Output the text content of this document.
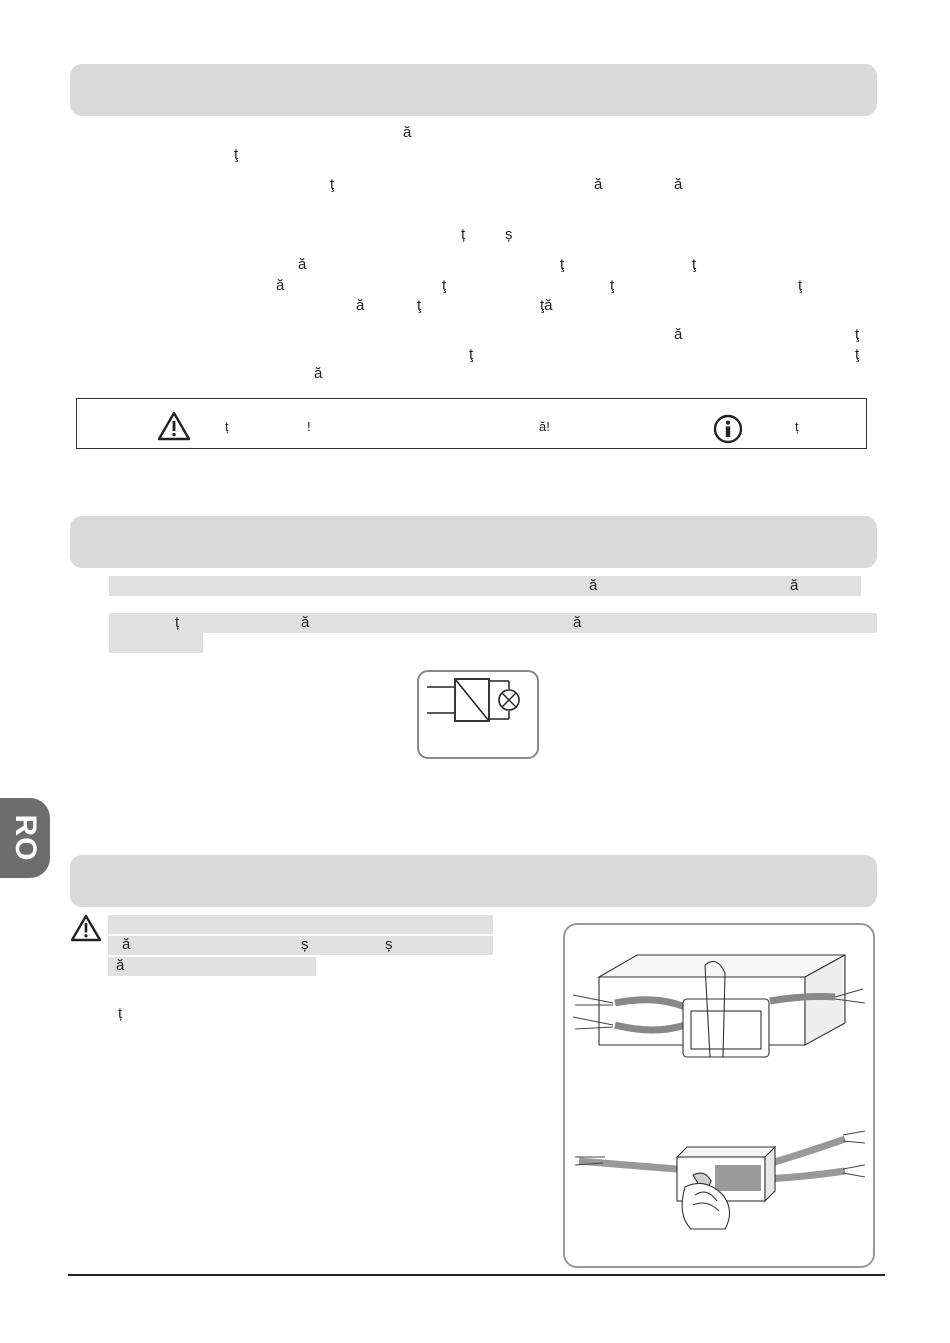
ă
ţ
ţ	ă	ă
ț	ș
ă	ţ	ţ
ă	ţ	ţ	ţ
ă	ţ	ţă
ă	ţ
ţ	ţ
ă
ț	!	ă!	ț
ă	ă
ț	ă	ă
RO
ă	ș	ș
ă
ț
